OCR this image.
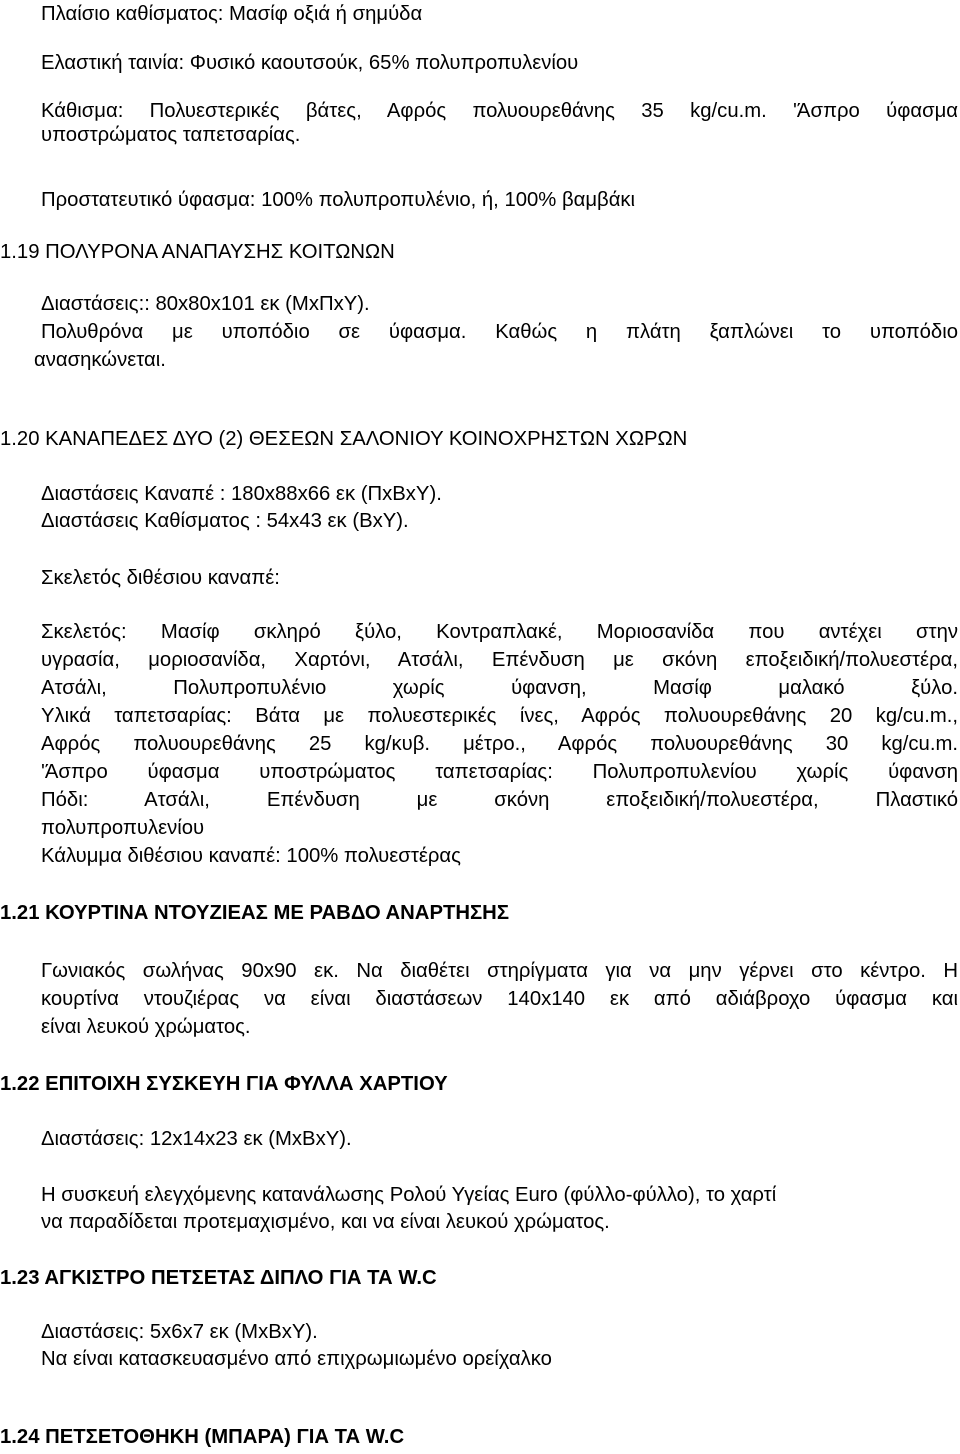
Πλαίσιο καθίσματος: Μασίφ οξιά ή σημύδα

Ελαστική ταινία: Φυσικό καουτσούκ, 65% πολυπροπυλενίου

Κάθισμα: Πολυεστερικές βάτες, Αφρός πολυουρεθάνης 35 kg/cu.m. 'Άσπρο ύφασμα

υποστρώματος ταπετσαρίας.

Προστατευτικό ύφασμα: 100% πολυπροπυλένιο, ή, 100% βαμβάκι

1.19 ΠΟΛΥΡΟΝΑ ΑΝΑΠΑΥΣΗΣ ΚΟΙΤΩΝΩΝ

Διαστάσεις:: 80x80x101 εκ (ΜxΠxΥ).

Πολυθρόνα με υποπόδιο σε ύφασμα. Καθώς η πλάτη ξαπλώνει το υποπόδιο

ανασηκώνεται.

1.20 ΚΑΝΑΠΕΔΕΣ ΔΥΟ (2) ΘΕΣΕΩΝ ΣΑΛΟΝΙΟΥ ΚΟΙΝΟΧΡΗΣΤΩΝ ΧΩΡΩΝ

Διαστάσεις Καναπέ : 180x88x66 εκ (ΠxΒxΥ).

Διαστάσεις Καθίσματος : 54x43 εκ (ΒxΥ).

Σκελετός διθέσιου καναπέ:

Σκελετός: Μασίφ σκληρό ξύλο, Κοντραπλακέ, Μοριοσανίδα που αντέχει στην

υγρασία, μοριοσανίδα, Χαρτόνι, Ατσάλι, Επένδυση με σκόνη εποξειδική/πολυεστέρα,

Ατσάλι, Πολυπροπυλένιο χωρίς ύφανση, Μασίφ μαλακό ξύλο.

Υλικά ταπετσαρίας: Βάτα με πολυεστερικές ίνες, Αφρός πολυουρεθάνης 20 kg/cu.m.,

Αφρός πολυουρεθάνης 25 kg/κυβ. μέτρο., Αφρός πολυουρεθάνης 30 kg/cu.m.

'Άσπρο ύφασμα υποστρώματος ταπετσαρίας: Πολυπροπυλενίου χωρίς ύφανση

Πόδι: Ατσάλι, Επένδυση με σκόνη εποξειδική/πολυεστέρα, Πλαστικό

πολυπροπυλενίου

Κάλυμμα διθέσιου καναπέ: 100% πολυεστέρας

1.21 ΚΟΥΡΤΙΝΑ ΝΤΟΥΖΙΕΑΣ ΜΕ ΡΑΒΔΟ ΑΝΑΡΤΗΣΗΣ

Γωνιακός σωλήνας 90x90 εκ. Να διαθέτει στηρίγματα για να μην γέρνει στο κέντρο. Η

κουρτίνα ντουζιέρας να είναι διαστάσεων 140x140 εκ από αδιάβροχο ύφασμα και

είναι λευκού χρώματος.

1.22 ΕΠΙΤΟΙΧΗ ΣΥΣΚΕΥΗ ΓΙΑ ΦΥΛΛΑ ΧΑΡΤΙΟΥ

Διαστάσεις: 12x14x23 εκ (ΜxΒxΥ).

Η συσκευή ελεγχόμενης κατανάλωσης Ρολού Υγείας Euro (φύλλο-φύλλο), το χαρτί

να παραδίδεται προτεμαχισμένο, και να είναι λευκού χρώματος.

1.23 ΑΓΚΙΣΤΡΟ ΠΕΤΣΕΤΑΣ ΔΙΠΛΟ ΓΙΑ ΤΑ W.C

Διαστάσεις: 5x6x7 εκ (ΜxΒxΥ).

Να είναι κατασκευασμένο από επιχρωμιωμένο ορείχαλκο

1.24 ΠΕΤΣΕΤΟΘΗΚΗ (ΜΠΑΡΑ) ΓΙΑ ΤΑ W.C
